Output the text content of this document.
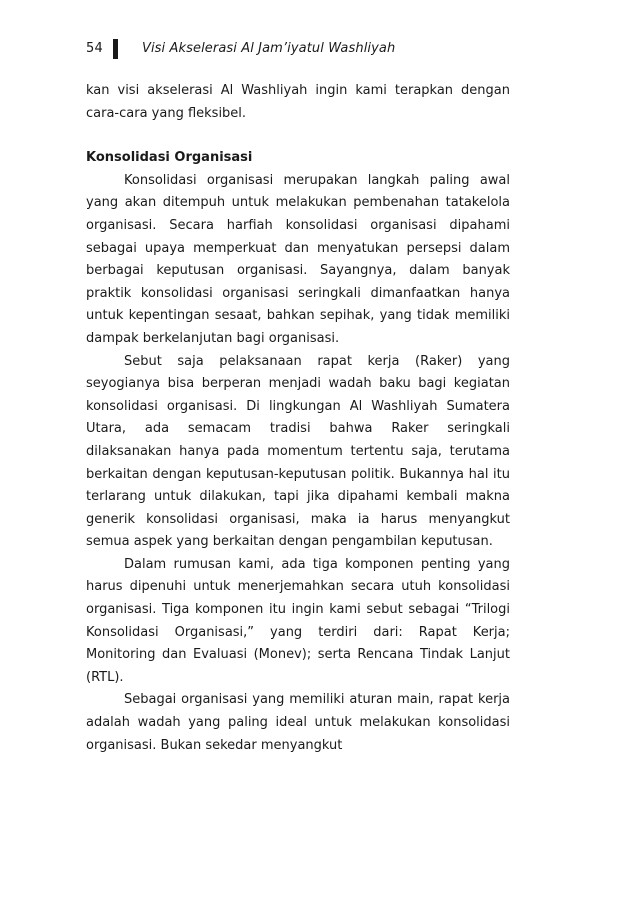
54	Visi Akselerasi Al Jam’iyatul Washliyah

kan visi akselerasi Al Washliyah ingin kami terapkan dengan cara-cara yang fleksibel.

Konsolidasi Organisasi

Konsolidasi organisasi merupakan langkah paling awal yang akan ditempuh untuk melakukan pembenahan tatakelola organisasi. Secara harfiah konsolidasi organisasi dipahami sebagai upaya memperkuat dan menyatukan persepsi dalam berbagai keputusan organisasi. Sayangnya, dalam banyak praktik konsolidasi organisasi seringkali dimanfaatkan hanya untuk kepentingan sesaat, bahkan sepihak, yang tidak memiliki dampak berkelanjutan bagi organisasi.

Sebut saja pelaksanaan rapat kerja (Raker) yang seyogianya bisa berperan menjadi wadah baku bagi kegiatan konsolidasi organisasi. Di lingkungan Al Washliyah Sumatera Utara, ada semacam tradisi bahwa Raker seringkali dilaksanakan hanya pada momentum tertentu saja, terutama berkaitan dengan keputusan-keputusan politik. Bukannya hal itu terlarang untuk dilakukan, tapi jika dipahami kembali makna generik konsolidasi organisasi, maka ia harus menyangkut semua aspek yang berkaitan dengan pengambilan keputusan.

Dalam rumusan kami, ada tiga komponen penting yang harus dipenuhi untuk menerjemahkan secara utuh konsolidasi organisasi. Tiga komponen itu ingin kami sebut sebagai “Trilogi Konsolidasi Organisasi,” yang terdiri dari: Rapat Kerja; Monitoring dan Evaluasi (Monev); serta Rencana Tindak Lanjut (RTL).

Sebagai organisasi yang memiliki aturan main, rapat kerja adalah wadah yang paling ideal untuk melakukan konsolidasi organisasi. Bukan sekedar menyangkut
